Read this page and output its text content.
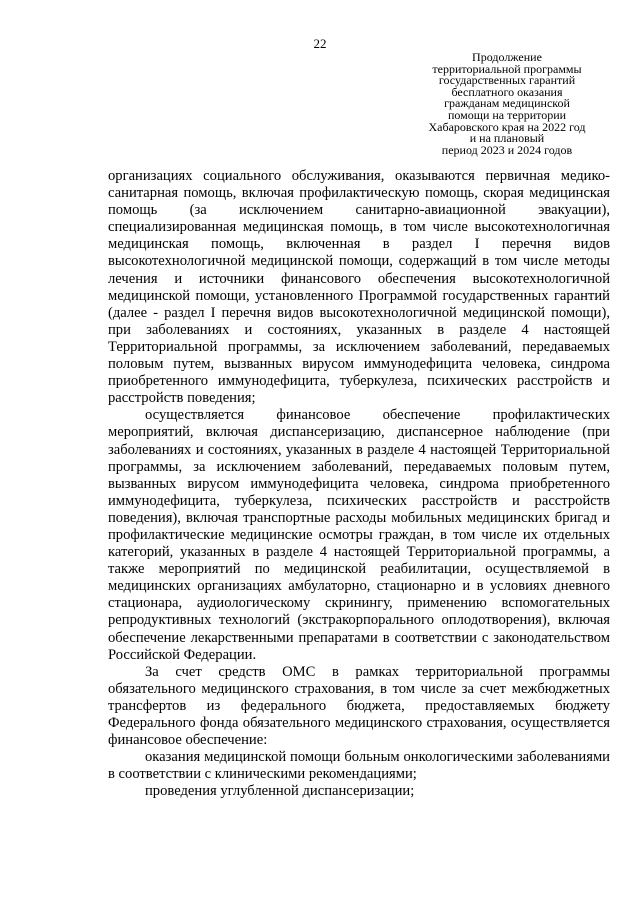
22
Продолжение
территориальной программы
государственных гарантий
бесплатного оказания
гражданам медицинской
помощи на территории
Хабаровского края на 2022 год
и на плановый
период 2023 и 2024 годов

организациях социального обслуживания, оказываются первичная медико-санитарная помощь, включая профилактическую помощь, скорая медицинская помощь (за исключением санитарно-авиационной эвакуации), специализированная медицинская помощь, в том числе высокотехнологичная медицинская помощь, включенная в раздел I перечня видов высокотехнологичной медицинской помощи, содержащий в том числе методы лечения и источники финансового обеспечения высокотехнологичной медицинской помощи, установленного Программой государственных гарантий (далее - раздел I перечня видов высокотехнологичной медицинской помощи), при заболеваниях и состояниях, указанных в разделе 4 настоящей Территориальной программы, за исключением заболеваний, передаваемых половым путем, вызванных вирусом иммунодефицита человека, синдрома приобретенного иммунодефицита, туберкулеза, психических расстройств и расстройств поведения;

осуществляется финансовое обеспечение профилактических мероприятий, включая диспансеризацию, диспансерное наблюдение (при заболеваниях и состояниях, указанных в разделе 4 настоящей Территориальной программы, за исключением заболеваний, передаваемых половым путем, вызванных вирусом иммунодефицита человека, синдрома приобретенного иммунодефицита, туберкулеза, психических расстройств и расстройств поведения), включая транспортные расходы мобильных медицинских бригад и профилактические медицинские осмотры граждан, в том числе их отдельных категорий, указанных в разделе 4 настоящей Территориальной программы, а также мероприятий по медицинской реабилитации, осуществляемой в медицинских организациях амбулаторно, стационарно и в условиях дневного стационара, аудиологическому скринингу, применению вспомогательных репродуктивных технологий (экстракорпорального оплодотворения), включая обеспечение лекарственными препаратами в соответствии с законодательством Российской Федерации.

За счет средств ОМС в рамках территориальной программы обязательного медицинского страхования, в том числе за счет межбюджетных трансфертов из федерального бюджета, предоставляемых бюджету Федерального фонда обязательного медицинского страхования, осуществляется финансовое обеспечение:

оказания медицинской помощи больным онкологическими заболеваниями в соответствии с клиническими рекомендациями;

проведения углубленной диспансеризации;
